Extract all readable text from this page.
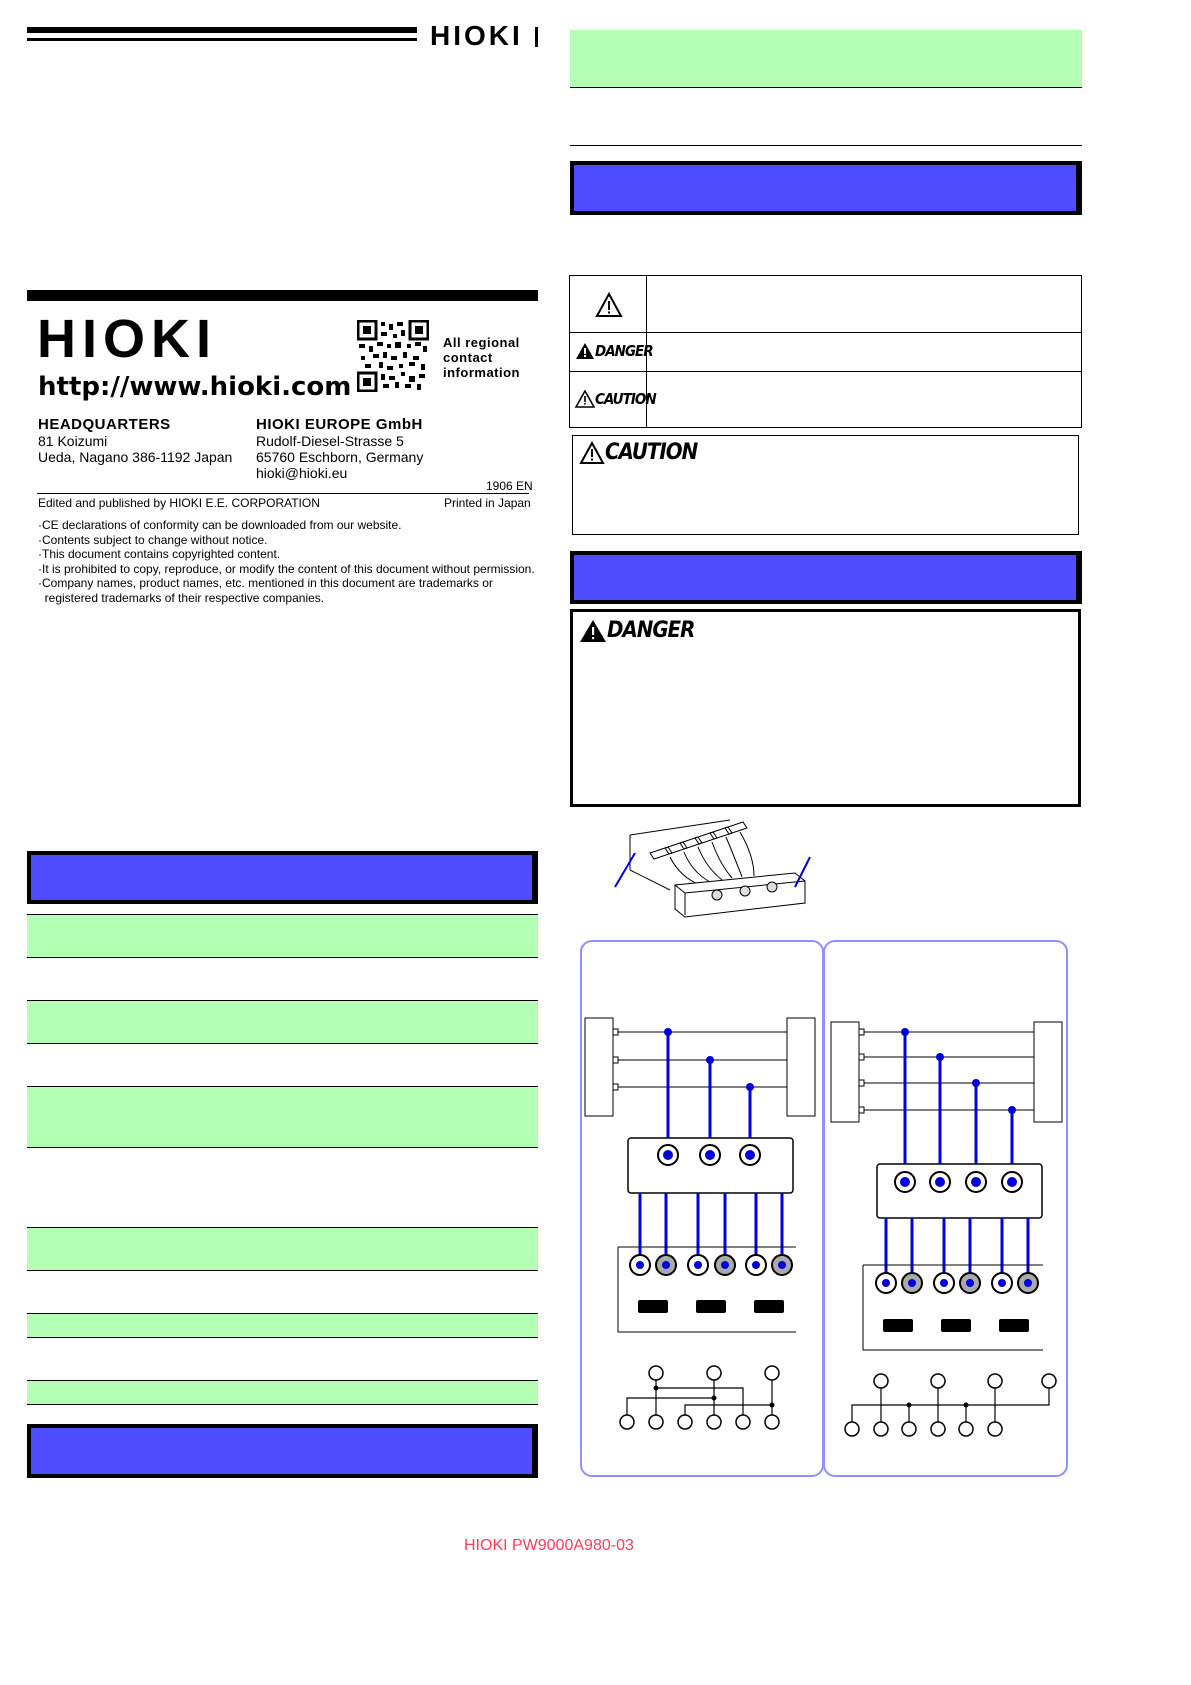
HIOKI
HIOKI
http://www.hioki.com
All regional
contact
information
HEADQUARTERS
81 Koizumi
Ueda, Nagano 386-1192 Japan
HIOKI EUROPE GmbH
Rudolf-Diesel-Strasse 5
65760 Eschborn, Germany
hioki@hioki.eu
1906 EN
Edited and published by HIOKI E.E. CORPORATION	Printed in Japan
·CE declarations of conformity can be downloaded from our website.
·Contents subject to change without notice.
·This document contains copyrighted content.
·It is prohibited to copy, reproduce, or modify the content of this document without permission.
·Company names, product names, etc. mentioned in this document are trademarks or
registered trademarks of their respective companies.
DANGER
CAUTION
CAUTION
DANGER
HIOKI PW9000A980-03
